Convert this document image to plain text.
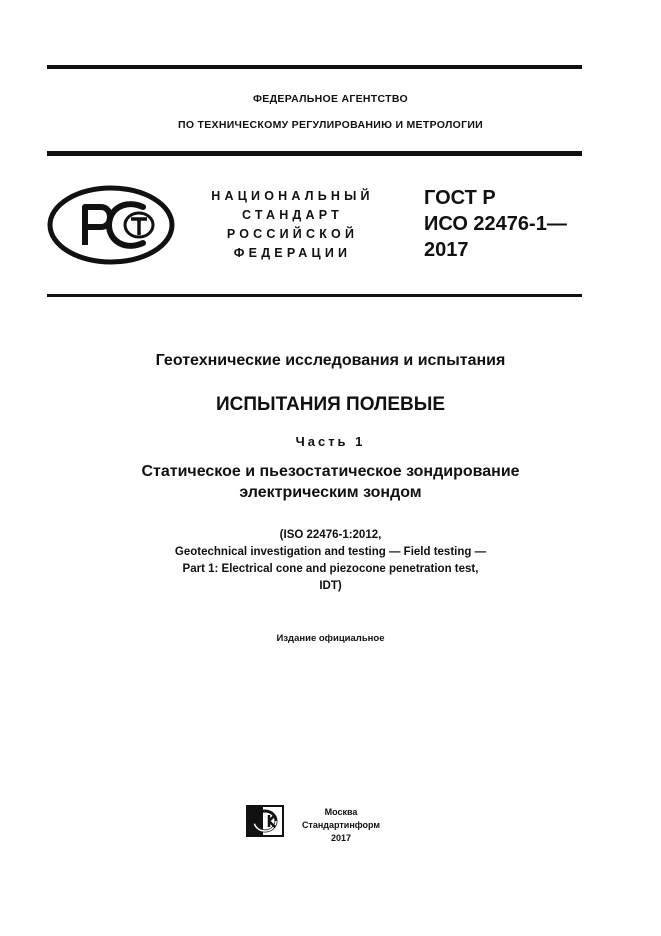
ФЕДЕРАЛЬНОЕ АГЕНТСТВО
ПО ТЕХНИЧЕСКОМУ РЕГУЛИРОВАНИЮ И МЕТРОЛОГИИ
НАЦИОНАЛЬНЫЙ
СТАНДАРТ
РОССИЙСКОЙ
ФЕДЕРАЦИИ
ГОСТ Р
ИСО 22476-1—
2017
Геотехнические исследования и испытания
ИСПЫТАНИЯ ПОЛЕВЫЕ
Часть 1
Статическое и пьезостатическое зондирование
электрическим зондом
(ISO 22476-1:2012,
Geotechnical investigation and testing — Field testing —
Part 1: Electrical cone and piezocone penetration test,
IDT)
Издание официальное
Москва
Стандартинформ
2017
